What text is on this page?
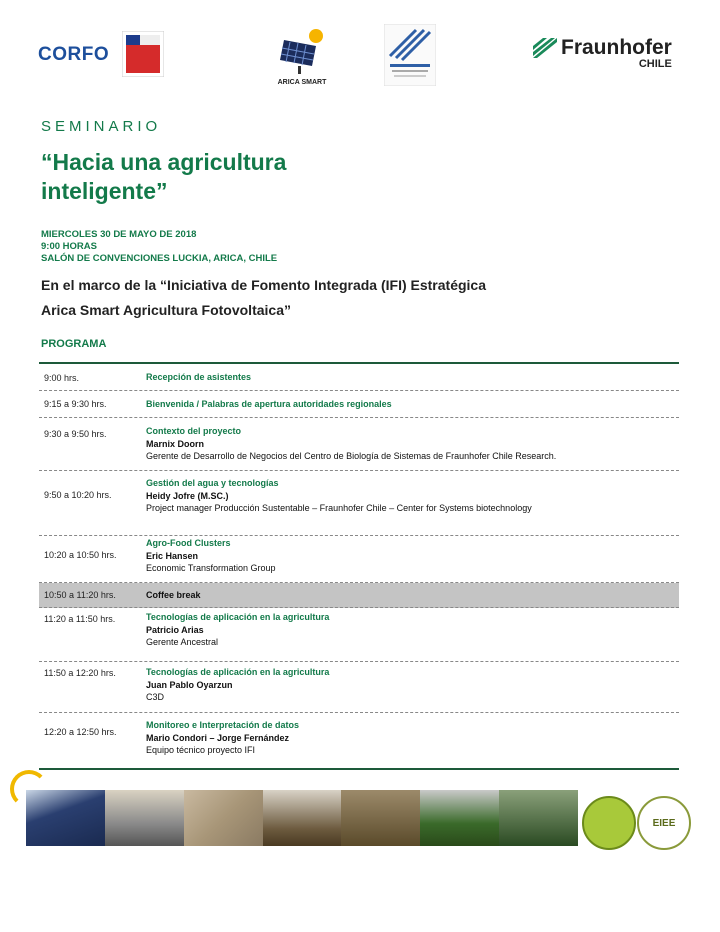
CORFO
ARICA SMART
Fraunhofer
CHILE
SEMINARIO
“Hacia una agricultura
inteligente”
MIERCOLES 30 DE MAYO DE 2018
9:00 HORAS
SALÓN DE CONVENCIONES LUCKIA, ARICA, CHILE
En el marco de la “Iniciativa de Fomento Integrada (IFI) Estratégica
Arica Smart Agricultura Fotovoltaica”
PROGRAMA
9:00 hrs.	Recepción de asistentes
9:15 a 9:30 hrs.	Bienvenida / Palabras de apertura autoridades regionales
9:30 a 9:50 hrs.	Contexto del proyecto
Marnix Doorn
Gerente de Desarrollo de Negocios del Centro de Biología de Sistemas de Fraunhofer Chile Research.
9:50 a 10:20 hrs.
Gestión del agua y tecnologías
Heidy Jofre (M.SC.)
Project manager Producción Sustentable – Fraunhofer Chile – Center for Systems biotechnology
10:20 a 10:50 hrs.
Agro-Food Clusters
Eric Hansen
Economic Transformation Group
10:50 a 11:20 hrs.	Coffee break
11:20 a 11:50 hrs.	Tecnologías de aplicación en la agricultura
Patricio Arias
Gerente Ancestral
11:50 a 12:20 hrs.	Tecnologías de aplicación en la agricultura
Juan Pablo Oyarzun
C3D
12:20 a 12:50 hrs.
Monitoreo e Interpretación de datos
Mario Condori – Jorge Fernández
Equipo técnico proyecto IFI
EIEE
